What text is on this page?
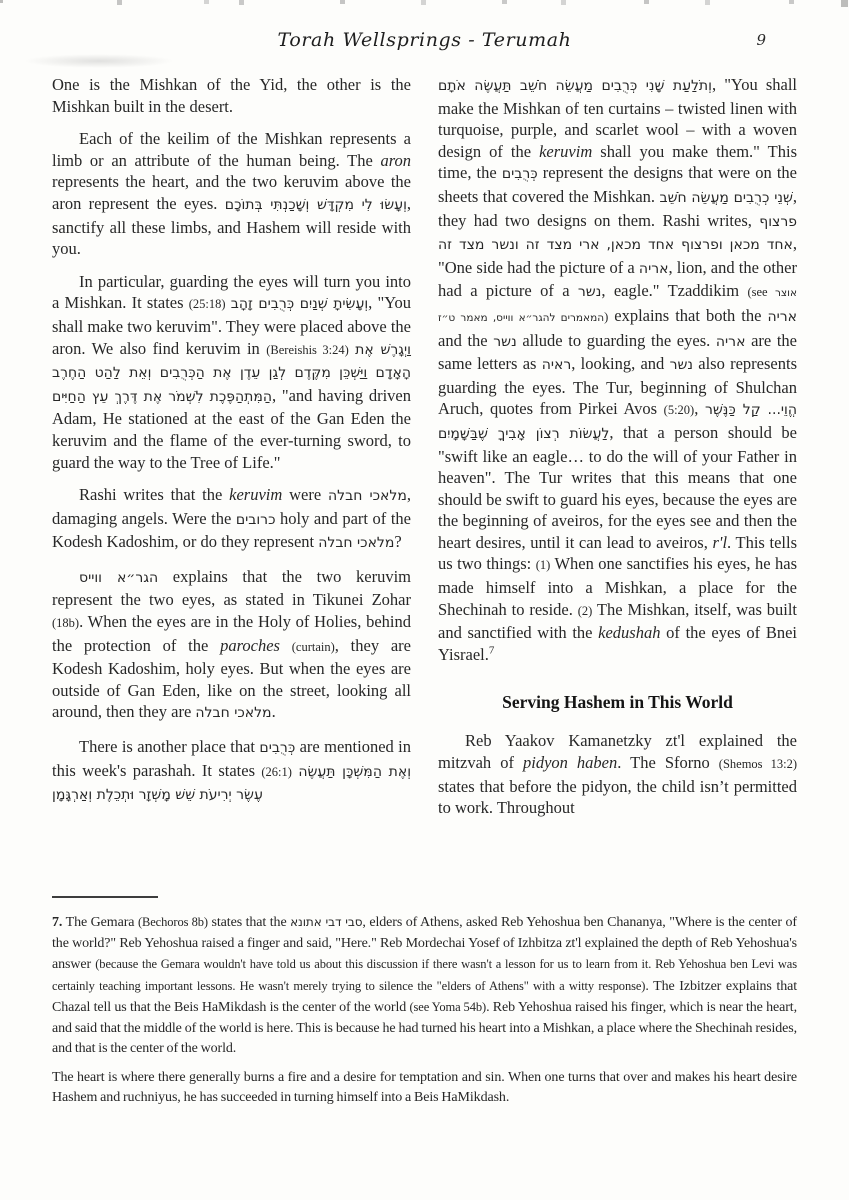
Torah Wellsprings - Terumah	9

One is the Mishkan of the Yid, the other is the Mishkan built in the desert.

Each of the keilim of the Mishkan represents a limb or an attribute of the human being. The aron represents the heart, and the two keruvim above the aron represent the eyes. וְעָשׂוּ לִי מִקְדָּשׁ וְשָׁכַנְתִּי בְּתוֹכָם, sanctify all these limbs, and Hashem will reside with you.

In particular, guarding the eyes will turn you into a Mishkan. It states (25:18) וְעָשִׂיתָ שְׁנַיִם כְּרֻבִים זָהָב, "You shall make two keruvim". They were placed above the aron. We also find keruvim in (Bereishis 3:24) וַיְגָרֶשׁ אֶת הָאָדָם וַיַּשְׁכֵּן מִקֶּדֶם לְגַן עֵדֶן אֶת הַכְּרֻבִים וְאֵת לַהַט הַחֶרֶב הַמִּתְהַפֶּכֶת לִשְׁמֹר אֶת דֶּרֶךְ עֵץ הַחַיִּים, "and having driven Adam, He stationed at the east of the Gan Eden the keruvim and the flame of the ever-turning sword, to guard the way to the Tree of Life."

Rashi writes that the keruvim were מלאכי חבלה, damaging angels. Were the כרובים holy and part of the Kodesh Kadoshim, or do they represent מלאכי חבלה?

הגר״א ווייס explains that the two keruvim represent the two eyes, as stated in Tikunei Zohar (18b). When the eyes are in the Holy of Holies, behind the protection of the paroches (curtain), they are Kodesh Kadoshim, holy eyes. But when the eyes are outside of Gan Eden, like on the street, looking all around, then they are מלאכי חבלה.

There is another place that כְּרֻבִים are mentioned in this week's parashah. It states (26:1) וְאֶת הַמִּשְׁכָּן תַּעֲשֶׂה עֶשֶׂר יְרִיעֹת שֵׁשׁ מָשְׁזָר וּתְכֵלֶת וְאַרְגָּמָן

וְתֹלַעַת שָׁנִי כְּרֻבִים מַעֲשֵׂה חֹשֵׁב תַּעֲשֶׂה אֹתָם, "You shall make the Mishkan of ten curtains – twisted linen with turquoise, purple, and scarlet wool – with a woven design of the keruvim shall you make them." This time, the כְּרֻבִים represent the designs that were on the sheets that covered the Mishkan. שְׁנֵי כְרֻבִים מַעֲשֵׂה חֹשֵׁב, they had two designs on them. Rashi writes, פרצוף אחד מכאן ופרצוף אחד מכאן, ארי מצד זה ונשר מצד זה, "One side had the picture of a אריה, lion, and the other had a picture of a נשר, eagle." Tzaddikim (see אוצר המאמרים להגר״א ווייס, מאמר ט״ז) explains that both the אריה and the נשר allude to guarding the eyes. אריה are the same letters as ראיה, looking, and נשר also represents guarding the eyes. The Tur, beginning of Shulchan Aruch, quotes from Pirkei Avos (5:20), הֱוֵי... קַל כַּנֶּשֶׁר לַעֲשׂוֹת רְצוֹן אָבִיךָ שֶׁבַּשָּׁמָיִם, that a person should be "swift like an eagle… to do the will of your Father in heaven". The Tur writes that this means that one should be swift to guard his eyes, because the eyes are the beginning of aveiros, for the eyes see and then the heart desires, until it can lead to aveiros, r'l. This tells us two things: (1) When one sanctifies his eyes, he has made himself into a Mishkan, a place for the Shechinah to reside. (2) The Mishkan, itself, was built and sanctified with the kedushah of the eyes of Bnei Yisrael.$^7$

Serving Hashem in This World

Reb Yaakov Kamanetzky zt'l explained the mitzvah of pidyon haben. The Sforno (Shemos 13:2) states that before the pidyon, the child isn’t permitted to work. Throughout

7. The Gemara (Bechoros 8b) states that the סבי דבי אתונא, elders of Athens, asked Reb Yehoshua ben Chananya, "Where is the center of the world?" Reb Yehoshua raised a finger and said, "Here." Reb Mordechai Yosef of Izhbitza zt'l explained the depth of Reb Yehoshua's answer (because the Gemara wouldn't have told us about this discussion if there wasn't a lesson for us to learn from it. Reb Yehoshua ben Levi was certainly teaching important lessons. He wasn't merely trying to silence the "elders of Athens" with a witty response). The Izbitzer explains that Chazal tell us that the Beis HaMikdash is the center of the world (see Yoma 54b). Reb Yehoshua raised his finger, which is near the heart, and said that the middle of the world is here. This is because he had turned his heart into a Mishkan, a place where the Shechinah resides, and that is the center of the world.

The heart is where there generally burns a fire and a desire for temptation and sin. When one turns that over and makes his heart desire Hashem and ruchniyus, he has succeeded in turning himself into a Beis HaMikdash.
